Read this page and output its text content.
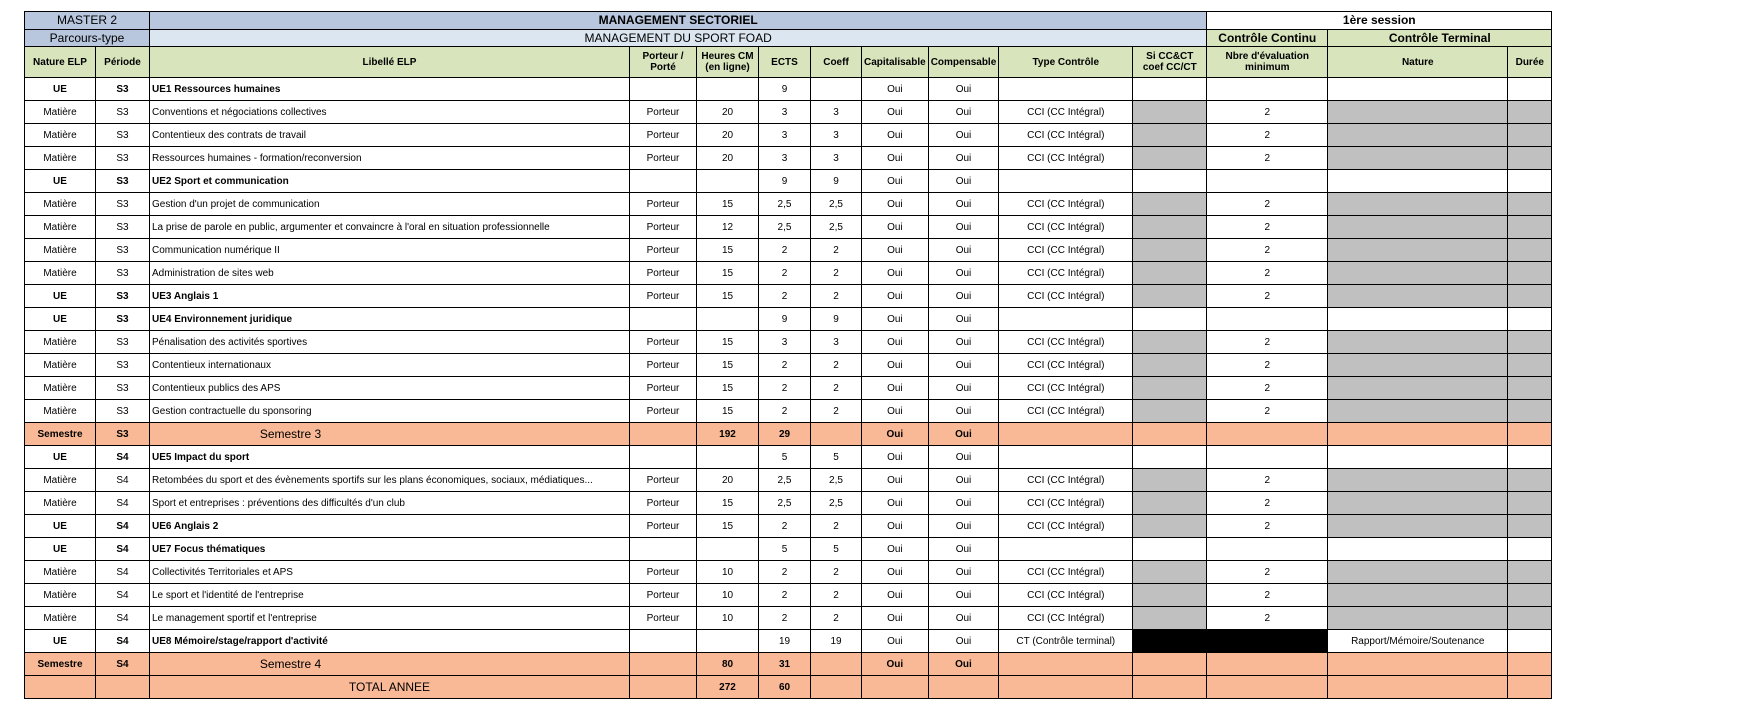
MASTER 2		MANAGEMENT SECTORIEL									1ère session		
Parcours-type		MANAGEMENT DU SPORT FOAD									Contrôle Continu	Contrôle Terminal	
Nature ELP	Période	Libellé ELP	Porteur / Porté	Heures CM (en ligne)	ECTS	Coeff	Capitalisable	Compensable	Type Contrôle	Si CC&CT coef CC/CT	Nbre d'évaluation minimum	Nature	Durée
UE	S3	UE1 Ressources humaines			9		Oui	Oui					
Matière	S3	Conventions et négociations collectives	Porteur	20	3	3	Oui	Oui	CCI (CC Intégral)		2		
Matière	S3	Contentieux des contrats de travail	Porteur	20	3	3	Oui	Oui	CCI (CC Intégral)		2		
Matière	S3	Ressources humaines - formation/reconversion	Porteur	20	3	3	Oui	Oui	CCI (CC Intégral)		2		
UE	S3	UE2 Sport et communication			9	9	Oui	Oui					
Matière	S3	Gestion d'un projet de communication	Porteur	15	2,5	2,5	Oui	Oui	CCI (CC Intégral)		2		
Matière	S3	La prise de parole en public, argumenter et convaincre à l'oral en situation professionnelle	Porteur	12	2,5	2,5	Oui	Oui	CCI (CC Intégral)		2		
Matière	S3	Communication numérique II	Porteur	15	2	2	Oui	Oui	CCI (CC Intégral)		2		
Matière	S3	Administration de sites web	Porteur	15	2	2	Oui	Oui	CCI (CC Intégral)		2		
UE	S3	UE3 Anglais 1	Porteur	15	2	2	Oui	Oui	CCI (CC Intégral)		2		
UE	S3	UE4 Environnement juridique			9	9	Oui	Oui					
Matière	S3	Pénalisation des activités sportives	Porteur	15	3	3	Oui	Oui	CCI (CC Intégral)		2		
Matière	S3	Contentieux internationaux	Porteur	15	2	2	Oui	Oui	CCI (CC Intégral)		2		
Matière	S3	Contentieux publics des APS	Porteur	15	2	2	Oui	Oui	CCI (CC Intégral)		2		
Matière	S3	Gestion contractuelle du sponsoring	Porteur	15	2	2	Oui	Oui	CCI (CC Intégral)		2		
Semestre	S3	Semestre 3		192	29		Oui	Oui					
UE	S4	UE5 Impact du sport			5	5	Oui	Oui					
Matière	S4	Retombées du sport et des évènements sportifs sur les plans économiques, sociaux, médiatiques...	Porteur	20	2,5	2,5	Oui	Oui	CCI (CC Intégral)		2		
Matière	S4	Sport et entreprises : préventions des difficultés d'un club	Porteur	15	2,5	2,5	Oui	Oui	CCI (CC Intégral)		2		
UE	S4	UE6 Anglais 2	Porteur	15	2	2	Oui	Oui	CCI (CC Intégral)		2		
UE	S4	UE7 Focus thématiques			5	5	Oui	Oui					
Matière	S4	Collectivités Territoriales et APS	Porteur	10	2	2	Oui	Oui	CCI (CC Intégral)		2		
Matière	S4	Le sport et l'identité de l'entreprise	Porteur	10	2	2	Oui	Oui	CCI (CC Intégral)		2		
Matière	S4	Le management sportif et l'entreprise	Porteur	10	2	2	Oui	Oui	CCI (CC Intégral)		2		
UE	S4	UE8 Mémoire/stage/rapport d'activité			19	19	Oui	Oui	CT (Contrôle terminal)			Rapport/Mémoire/Soutenance	
Semestre	S4	Semestre 4		80	31		Oui	Oui					
		TOTAL ANNEE		272	60								
